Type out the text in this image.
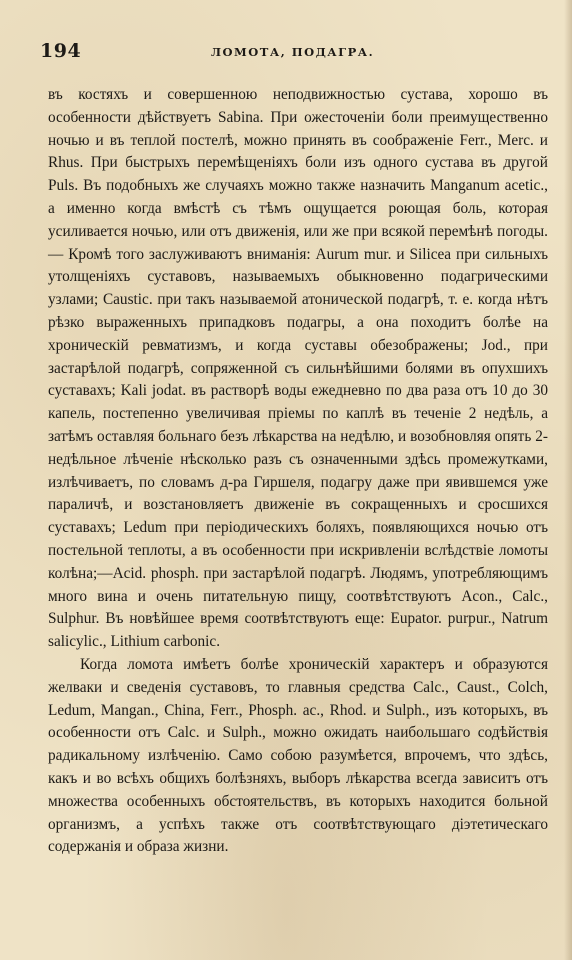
194	ЛОМОТА, ПОДАГРА.

въ костяхъ и совершенною неподвижностью сустава, хорошо въ особенности дѣйствуетъ Sabina. При ожесточеніи боли преимущественно ночью и въ теплой постелѣ, можно принять въ соображеніе Ferr., Merc. и Rhus. При быстрыхъ перемѣщеніяхъ боли изъ одного сустава въ другой Puls. Въ подобныхъ же случаяхъ можно также назначить Manganum acetic., а именно когда вмѣстѣ съ тѣмъ ощущается роющая боль, которая усиливается ночью, или отъ движенія, или же при всякой перемѣнѣ погоды. — Кромѣ того заслуживаютъ вниманія: Aurum mur. и Silicea при сильныхъ утолщеніяхъ суставовъ, называемыхъ обыкновенно подагрическими узлами; Caustic. при такъ называемой атонической подагрѣ, т. е. когда нѣтъ рѣзко выраженныхъ припадковъ подагры, а она походитъ болѣе на хроническій ревматизмъ, и когда суставы обезображены; Jod., при застарѣлой подагрѣ, сопряженной съ сильнѣйшими болями въ опухшихъ суставахъ; Kali jodat. въ растворѣ воды ежедневно по два раза отъ 10 до 30 капель, постепенно увеличивая пріемы по каплѣ въ теченіе 2 недѣль, а затѣмъ оставляя больнаго безъ лѣкарства на недѣлю, и возобновляя опять 2-недѣльное лѣченіе нѣсколько разъ съ означенными здѣсь промежутками, излѣчиваетъ, по словамъ д-ра Гиршеля, подагру даже при явившемся уже параличѣ, и возстановляетъ движеніе въ сокращенныхъ и сросшихся суставахъ; Ledum при періодическихъ боляхъ, появляющихся ночью отъ постельной теплоты, а въ особенности при искривленіи вслѣдствіе ломоты колѣна;—Acid. phosph. при застарѣлой подагрѣ. Людямъ, употребляющимъ много вина и очень питательную пищу, соотвѣтствуютъ Acon., Calc., Sulphur. Въ новѣйшее время соотвѣтствуютъ еще: Eupator. purpur., Natrum salicylic., Lithium carbonic.

Когда ломота имѣетъ болѣе хроническій характеръ и образуются желваки и сведенія суставовъ, то главныя средства Calc., Caust., Colch, Ledum, Mangan., China, Ferr., Phosph. ac., Rhod. и Sulph., изъ которыхъ, въ особенности отъ Calc. и Sulph., можно ожидать наибольшаго содѣйствія радикальному излѣченію. Само собою разумѣется, впрочемъ, что здѣсь, какъ и во всѣхъ общихъ болѣзняхъ, выборъ лѣкарства всегда зависитъ отъ множества особенныхъ обстоятельствъ, въ которыхъ находится больной организмъ, а успѣхъ также отъ соотвѣтствующаго діэтетическаго содержанія и образа жизни.
